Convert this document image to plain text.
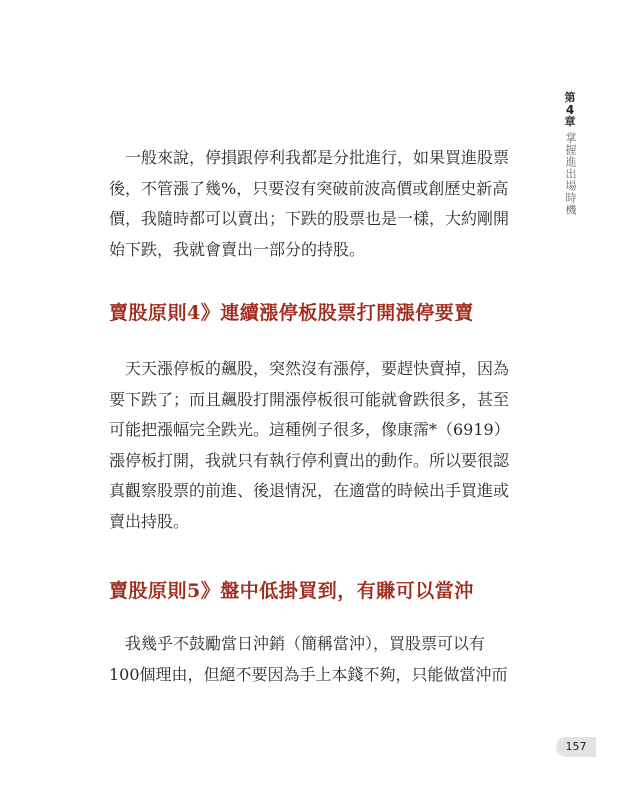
第
4
章
掌握進出場時機

　一般來說，停損跟停利我都是分批進行，如果買進股票
後，不管漲了幾%，只要沒有突破前波高價或創歷史新高
價，我隨時都可以賣出；下跌的股票也是一樣，大約剛開
始下跌，我就會賣出一部分的持股。

賣股原則4》連續漲停板股票打開漲停要賣

　天天漲停板的飆股，突然沒有漲停，要趕快賣掉，因為
要下跌了；而且飆股打開漲停板很可能就會跌很多，甚至
可能把漲幅完全跌光。這種例子很多，像康霈*（6919）
漲停板打開，我就只有執行停利賣出的動作。所以要很認
真觀察股票的前進、後退情況，在適當的時候出手買進或
賣出持股。

賣股原則5》盤中低掛買到，有賺可以當沖

　我幾乎不鼓勵當日沖銷（簡稱當沖），買股票可以有
100個理由，但絕不要因為手上本錢不夠，只能做當沖而

157
